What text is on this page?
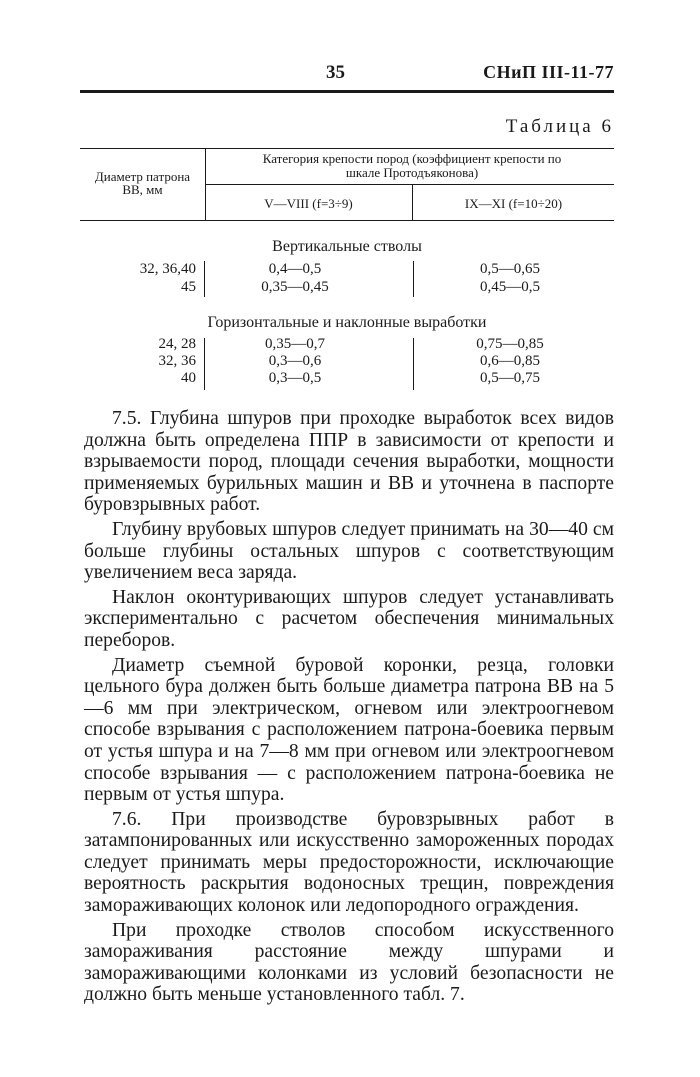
35	СНиП III-11-77
Таблица 6
Диаметр патрона
ВВ, мм
Категория крепости пород (коэффициент крепости по
шкале Протодъяконова)
V—VIII (f=3÷9)	IX—XI (f=10÷20)
Вертикальные стволы
32, 36,40	0,4—0,5	0,5—0,65
45	0,35—0,45	0,45—0,5
Горизонтальные и наклонные выработки
24, 28	0,35—0,7	0,75—0,85
32, 36	0,3—0,6	0,6—0,85
40	0,3—0,5	0,5—0,75

7.5. Глубина шпуров при проходке выработок всех видов должна быть определена ППР в зависимости от крепости и взрываемости пород, площади сечения выработки, мощности применяемых бурильных машин и ВВ и уточнена в паспорте буровзрывных работ.

Глубину врубовых шпуров следует принимать на 30—40 см больше глубины остальных шпуров с соответствующим увеличением веса заряда.

Наклон оконтуривающих шпуров следует устанавливать экспериментально с расчетом обеспечения минимальных переборов.

Диаметр съемной буровой коронки, резца, головки цельного бура должен быть больше диаметра патрона ВВ на 5—6 мм при электрическом, огневом или электроогневом способе взрывания с расположением патрона-боевика первым от устья шпура и на 7—8 мм при огневом или электроогневом способе взрывания — с расположением патрона-боевика не первым от устья шпура.

7.6. При производстве буровзрывных работ в затампонированных или искусственно замороженных породах следует принимать меры предосторожности, исключающие вероятность раскрытия водоносных трещин, повреждения замораживающих колонок или ледопородного ограждения.

При проходке стволов способом искусственного замораживания расстояние между шпурами и замораживающими колонками из условий безопасности не должно быть меньше установленного табл. 7.
